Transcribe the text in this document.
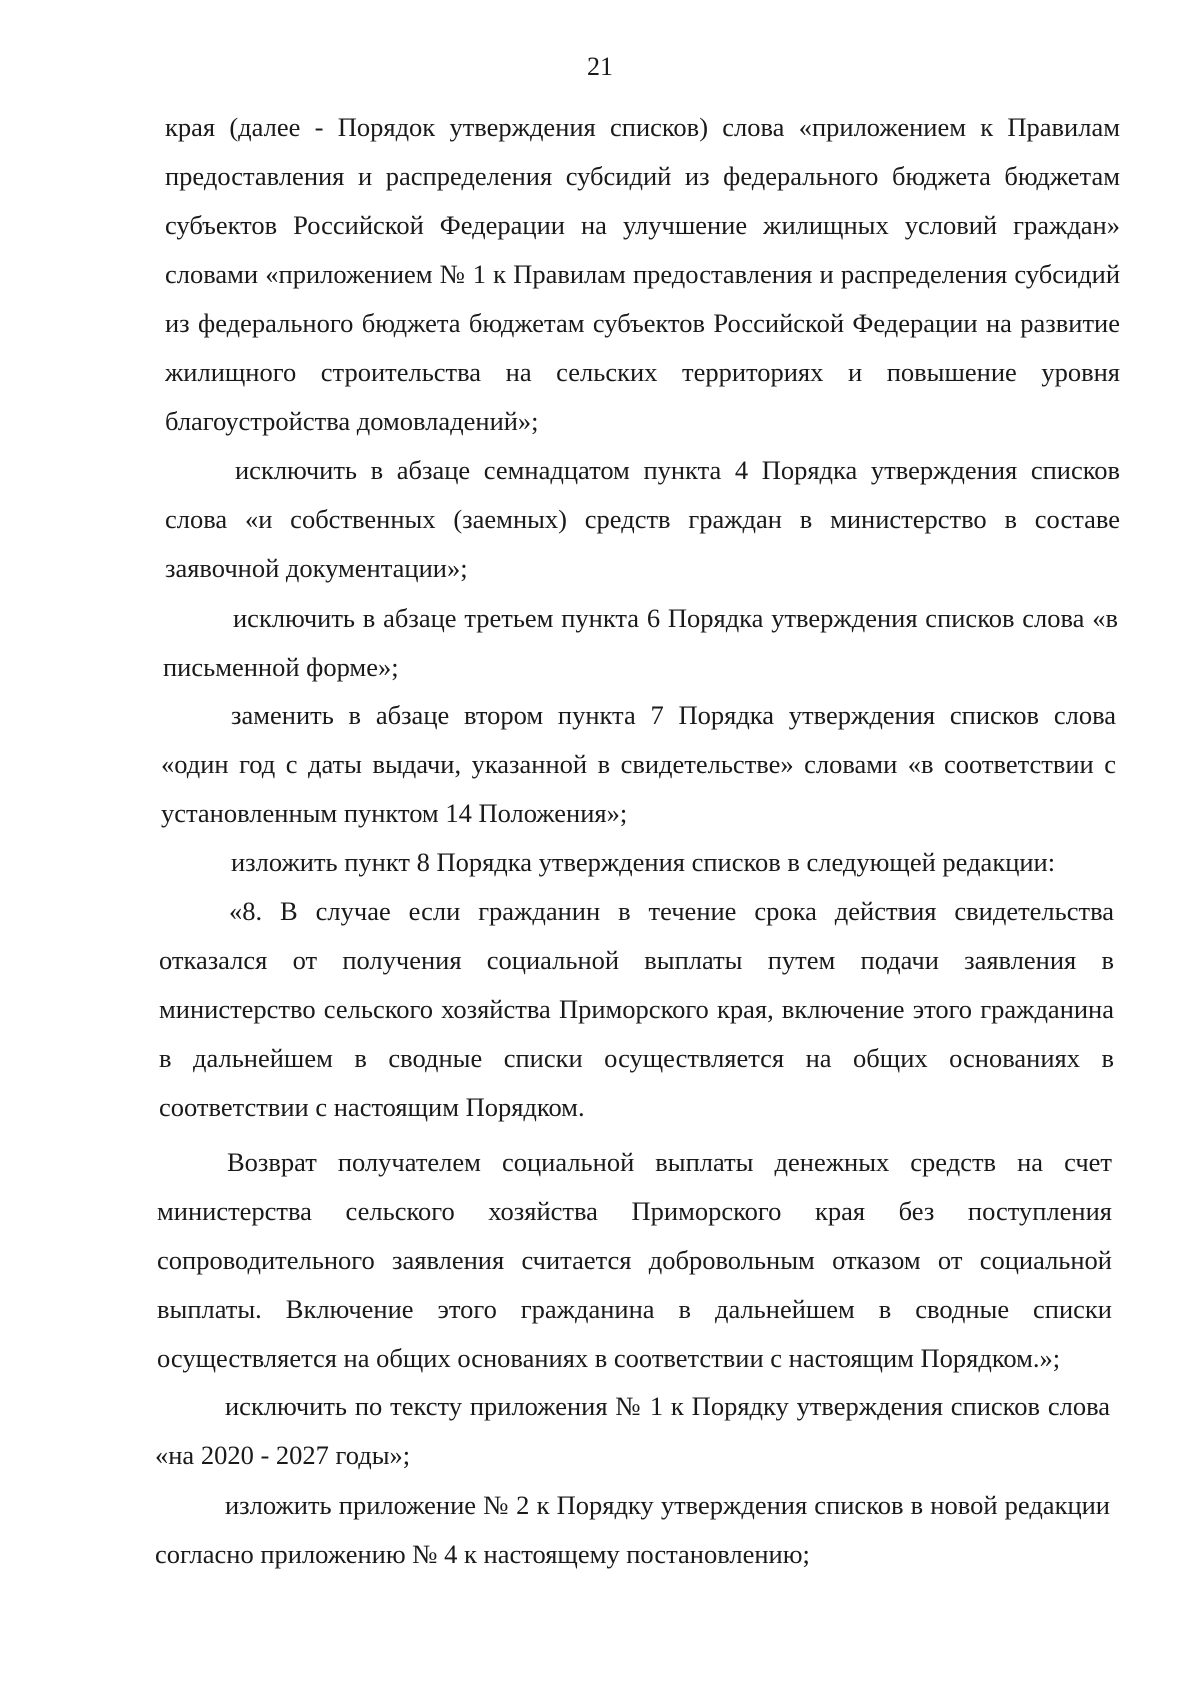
21
края (далее - Порядок утверждения списков) слова «приложением к Правилам предоставления и распределения субсидий из федерального бюджета бюджетам субъектов Российской Федерации на улучшение жилищных условий граждан» словами «приложением № 1 к Правилам предоставления и распределения субсидий из федерального бюджета бюджетам субъектов Российской Федерации на развитие жилищного строительства на сельских территориях и повышение уровня благоустройства домовладений»;
исключить в абзаце семнадцатом пункта 4 Порядка утверждения списков слова «и собственных (заемных) средств граждан в министерство в составе заявочной документации»;
исключить в абзаце третьем пункта 6 Порядка утверждения списков слова «в письменной форме»;
заменить в абзаце втором пункта 7 Порядка утверждения списков слова «один год с даты выдачи, указанной в свидетельстве» словами «в соответствии с установленным пунктом 14 Положения»;
изложить пункт 8 Порядка утверждения списков в следующей редакции:
«8. В случае если гражданин в течение срока действия свидетельства отказался от получения социальной выплаты путем подачи заявления в министерство сельского хозяйства Приморского края, включение этого гражданина в дальнейшем в сводные списки осуществляется на общих основаниях в соответствии с настоящим Порядком.
Возврат получателем социальной выплаты денежных средств на счет министерства сельского хозяйства Приморского края без поступления сопроводительного заявления считается добровольным отказом от социальной выплаты. Включение этого гражданина в дальнейшем в сводные списки осуществляется на общих основаниях в соответствии с настоящим Порядком.»;
исключить по тексту приложения № 1 к Порядку утверждения списков слова «на 2020 - 2027 годы»;
изложить приложение № 2 к Порядку утверждения списков в новой редакции согласно приложению № 4 к настоящему постановлению;
